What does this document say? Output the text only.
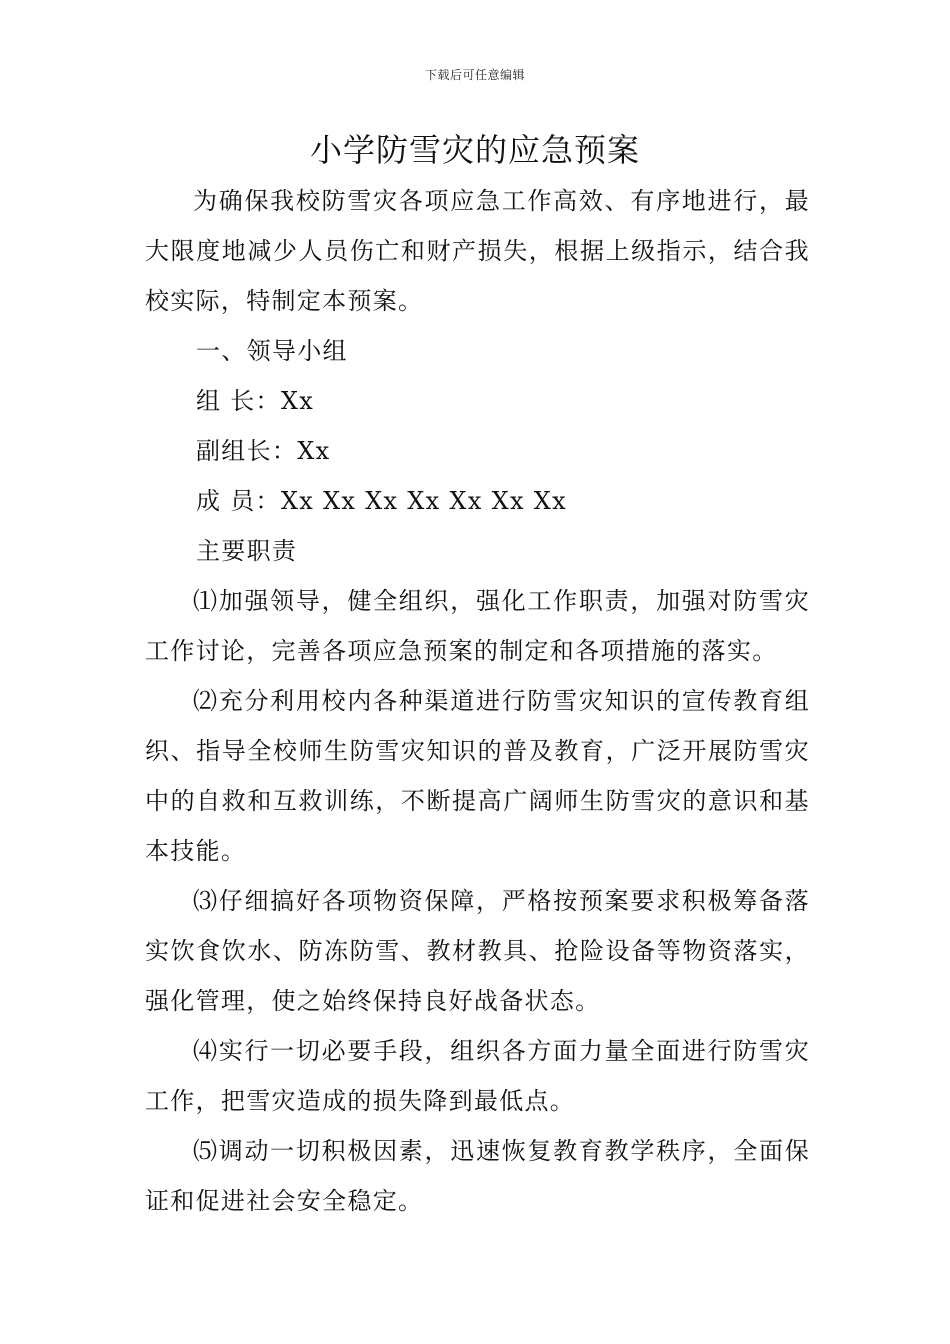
下载后可任意编辑
小学防雪灾的应急预案

为确保我校防雪灾各项应急工作高效、有序地进行，最大限度地减少人员伤亡和财产损失，根据上级指示，结合我校实际，特制定本预案。

一、领导小组

组 长：Xx

副组长：Xx

成 员：Xx Xx Xx Xx Xx Xx Xx

主要职责

⑴加强领导，健全组织，强化工作职责，加强对防雪灾工作讨论，完善各项应急预案的制定和各项措施的落实。

⑵充分利用校内各种渠道进行防雪灾知识的宣传教育组织、指导全校师生防雪灾知识的普及教育，广泛开展防雪灾中的自救和互救训练，不断提高广阔师生防雪灾的意识和基本技能。

⑶仔细搞好各项物资保障，严格按预案要求积极筹备落实饮食饮水、防冻防雪、教材教具、抢险设备等物资落实，强化管理，使之始终保持良好战备状态。

⑷实行一切必要手段，组织各方面力量全面进行防雪灾工作，把雪灾造成的损失降到最低点。

⑸调动一切积极因素，迅速恢复教育教学秩序，全面保证和促进社会安全稳定。
